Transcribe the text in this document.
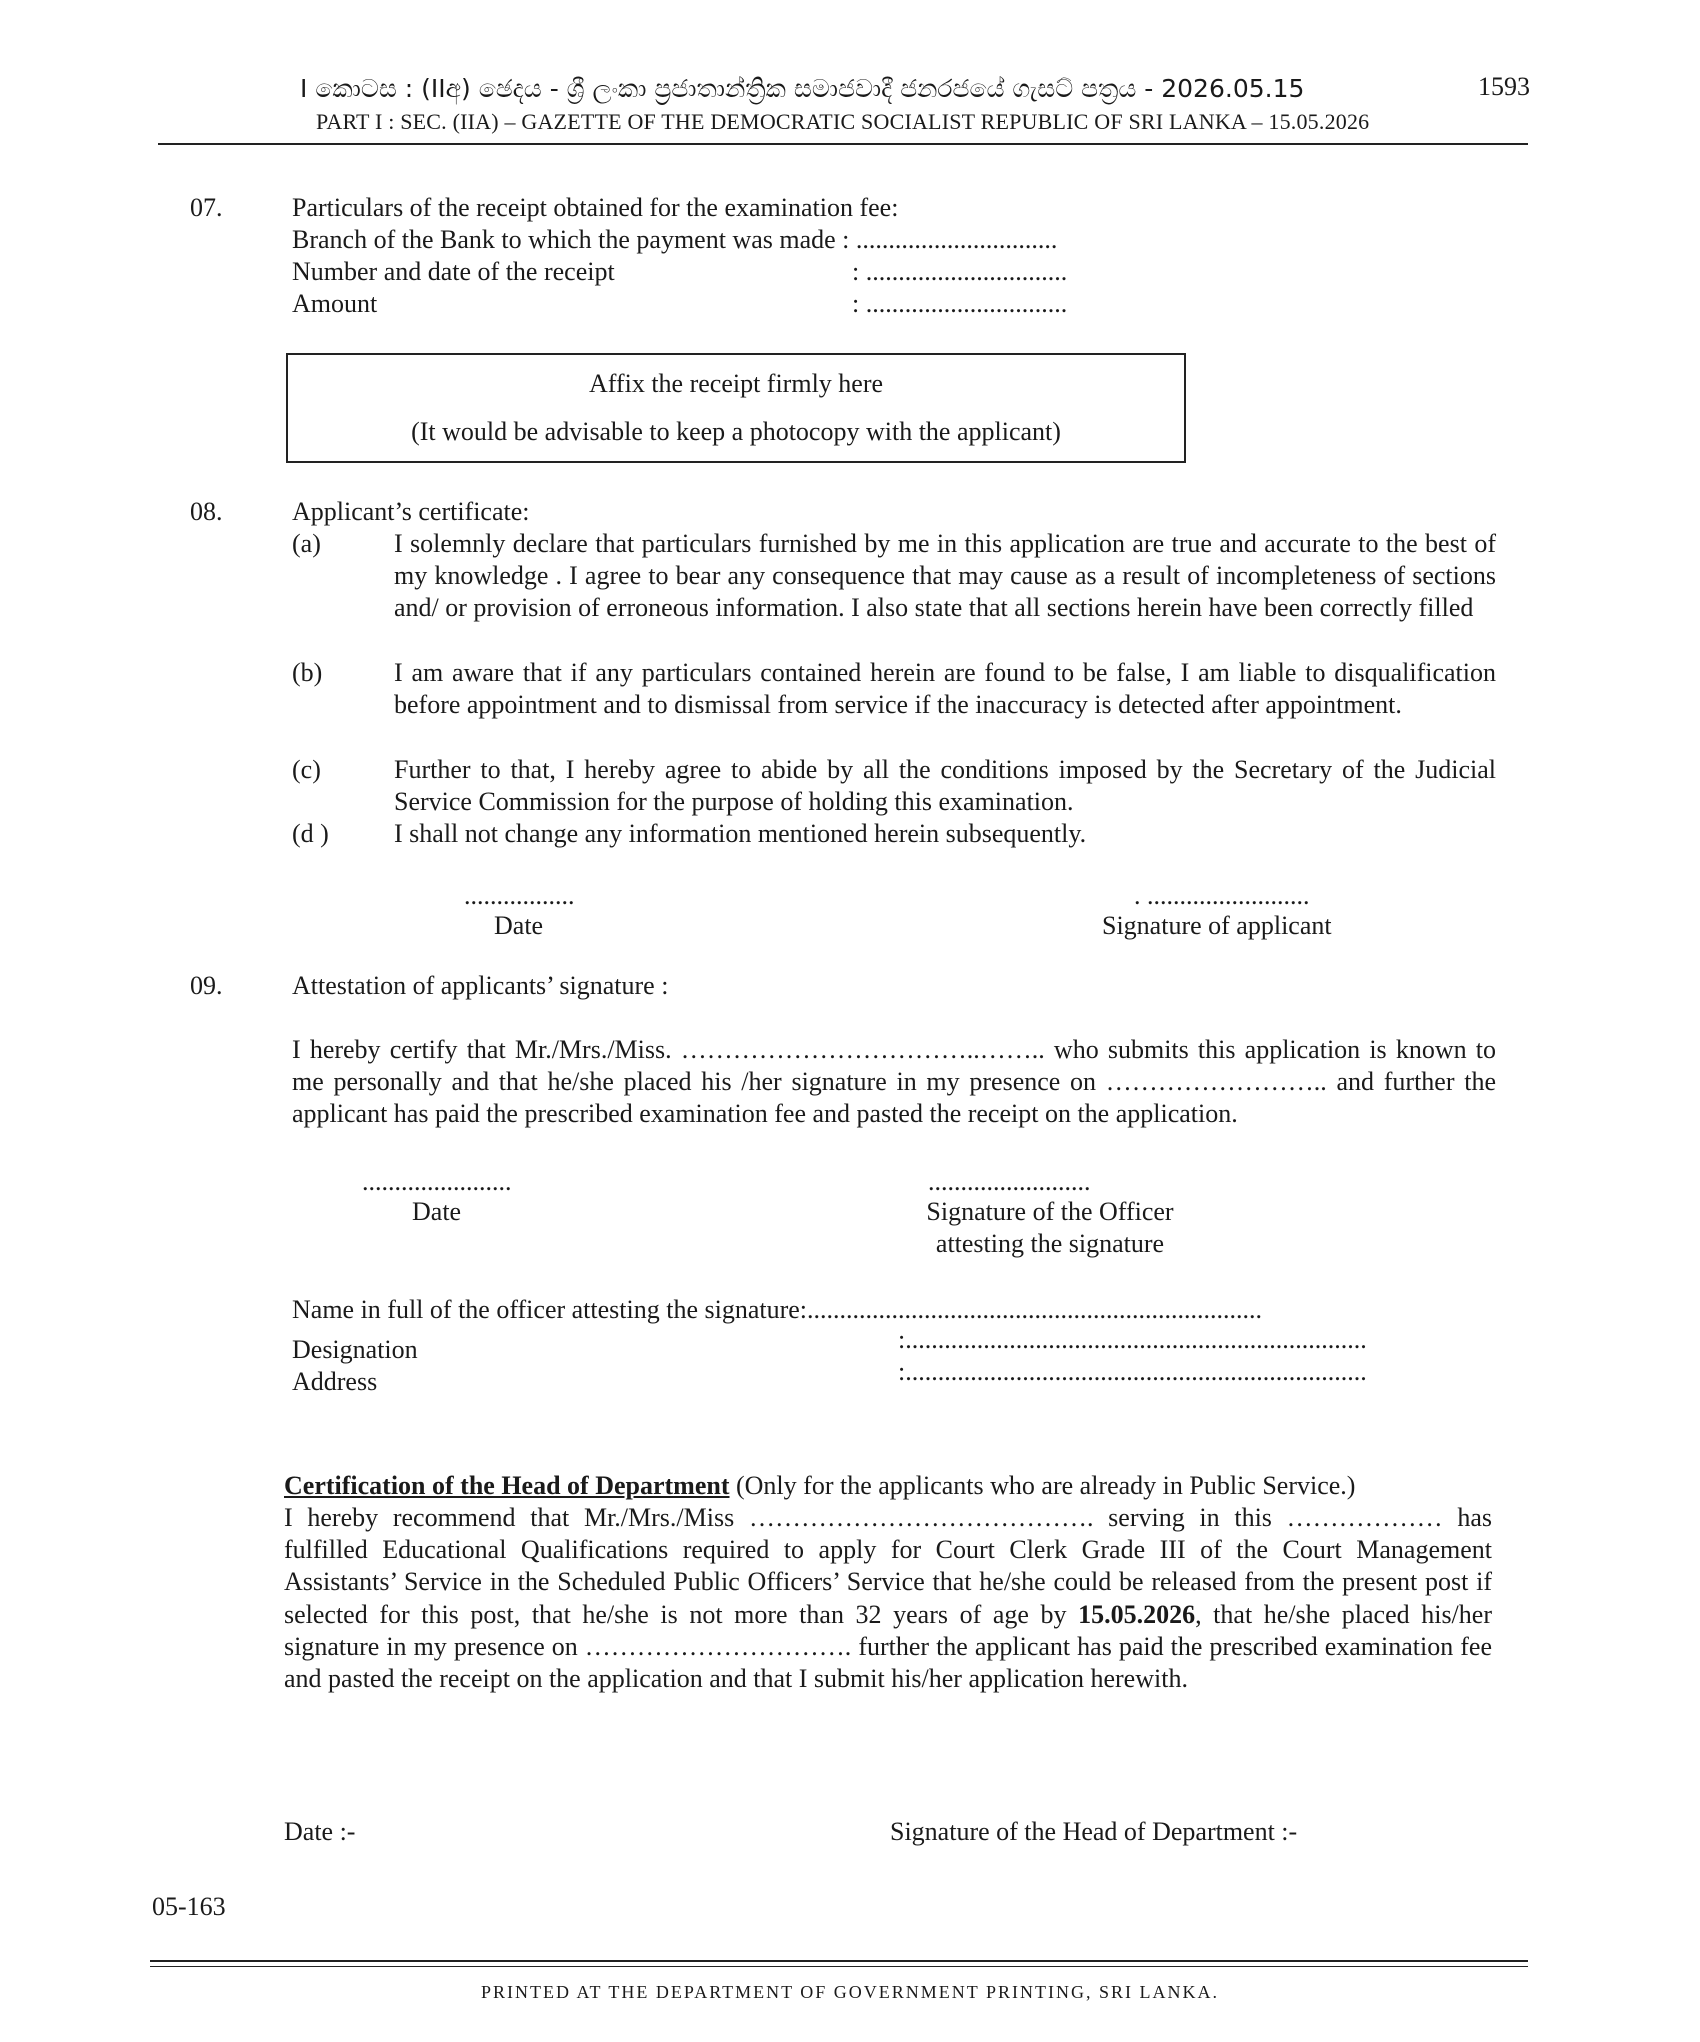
I කොටස : (IIඅ) ඡෙදය - ශ්‍රී ලංකා ප්‍රජාතාන්ත්‍රික සමාජවාදී ජනරජයේ ගැසට් පත්‍රය - 2026.05.15	1593
PART I : SEC. (IIA) – GAZETTE OF THE DEMOCRATIC SOCIALIST REPUBLIC OF SRI LANKA – 15.05.2026
07.	Particulars of the receipt obtained for the examination fee:
Branch of the Bank to which the payment was made : ...............................
Number and date of the receipt	: ...............................
Amount	: ...............................
Affix the receipt firmly here
(It would be advisable to keep a photocopy with the applicant)
08.	Applicant’s certificate:
(a)	I solemnly declare that particulars furnished by me in this application are true and accurate to the best of my knowledge . I agree to bear any consequence that may cause as a result of incompleteness of sections and/ or provision of erroneous information. I also state that all sections herein have been correctly filled
(b)	I am aware that if any particulars contained herein are found to be false, I am liable to disqualification before appointment and to dismissal from service if the inaccuracy is detected after appointment.
(c)	Further to that, I hereby agree to abide by all the conditions imposed by the Secretary of the Judicial Service Commission for the purpose of holding this examination.
(d )	I shall not change any information mentioned herein subsequently.
.................
Date
. .........................
Signature of applicant
09.	Attestation of applicants’ signature :
I hereby certify that Mr./Mrs./Miss. ……………………………..…….. who submits this application is known to me personally and that he/she placed his /her signature in my presence on …………………….. and further the applicant has paid the prescribed examination fee and pasted the receipt on the application.
.......................
Date
.........................
Signature of the Officer
attesting the signature
Name in full of the officer attesting the signature:......................................................................
Designation	:.......................................................................
Address	:.......................................................................
Certification of the Head of Department (Only for the applicants who are already in Public Service.)
I hereby recommend that Mr./Mrs./Miss …………………………………. serving in this ……………… has fulfilled Educational Qualifications required to apply for Court Clerk Grade III of the Court Management Assistants’ Service in the Scheduled Public Officers’ Service that he/she could be released from the present post if selected for this post, that he/she is not more than 32 years of age by 15.05.2026, that he/she placed his/her signature in my presence on …………………………. further the applicant has paid the prescribed examination fee and pasted the receipt on the application and that I submit his/her application herewith.
Date :-	Signature of the Head of Department :-
05-163
PRINTED AT THE DEPARTMENT OF GOVERNMENT PRINTING, SRI LANKA.
